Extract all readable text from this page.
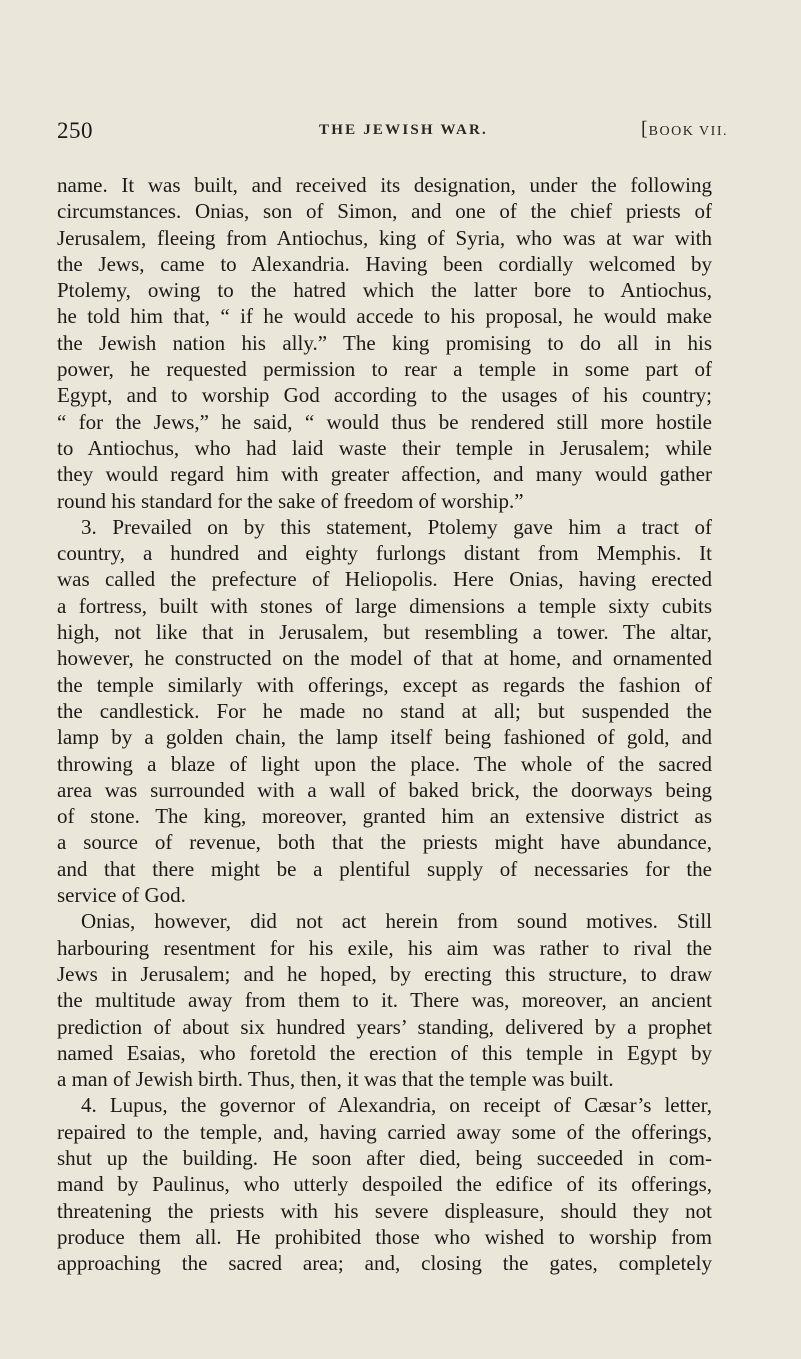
250	THE JEWISH WAR.	[BOOK VII.
name. It was built, and received its designation, under the following
circumstances. Onias, son of Simon, and one of the chief priests of
Jerusalem, fleeing from Antiochus, king of Syria, who was at war with
the Jews, came to Alexandria. Having been cordially welcomed by
Ptolemy, owing to the hatred which the latter bore to Antiochus,
he told him that, “ if he would accede to his proposal, he would make
the Jewish nation his ally.” The king promising to do all in his
power, he requested permission to rear a temple in some part of
Egypt, and to worship God according to the usages of his country;
“ for the Jews,” he said, “ would thus be rendered still more hostile
to Antiochus, who had laid waste their temple in Jerusalem; while
they would regard him with greater affection, and many would gather
round his standard for the sake of freedom of worship.”
3. Prevailed on by this statement, Ptolemy gave him a tract of
country, a hundred and eighty furlongs distant from Memphis. It
was called the prefecture of Heliopolis. Here Onias, having erected
a fortress, built with stones of large dimensions a temple sixty cubits
high, not like that in Jerusalem, but resembling a tower. The altar,
however, he constructed on the model of that at home, and ornamented
the temple similarly with offerings, except as regards the fashion of
the candlestick. For he made no stand at all; but suspended the
lamp by a golden chain, the lamp itself being fashioned of gold, and
throwing a blaze of light upon the place. The whole of the sacred
area was surrounded with a wall of baked brick, the doorways being
of stone. The king, moreover, granted him an extensive district as
a source of revenue, both that the priests might have abundance,
and that there might be a plentiful supply of necessaries for the
service of God.
Onias, however, did not act herein from sound motives. Still
harbouring resentment for his exile, his aim was rather to rival the
Jews in Jerusalem; and he hoped, by erecting this structure, to draw
the multitude away from them to it. There was, moreover, an ancient
prediction of about six hundred years’ standing, delivered by a prophet
named Esaias, who foretold the erection of this temple in Egypt by
a man of Jewish birth. Thus, then, it was that the temple was built.
4. Lupus, the governor of Alexandria, on receipt of Cæsar’s letter,
repaired to the temple, and, having carried away some of the offerings,
shut up the building. He soon after died, being succeeded in com-
mand by Paulinus, who utterly despoiled the edifice of its offerings,
threatening the priests with his severe displeasure, should they not
produce them all. He prohibited those who wished to worship from
approaching the sacred area; and, closing the gates, completely
